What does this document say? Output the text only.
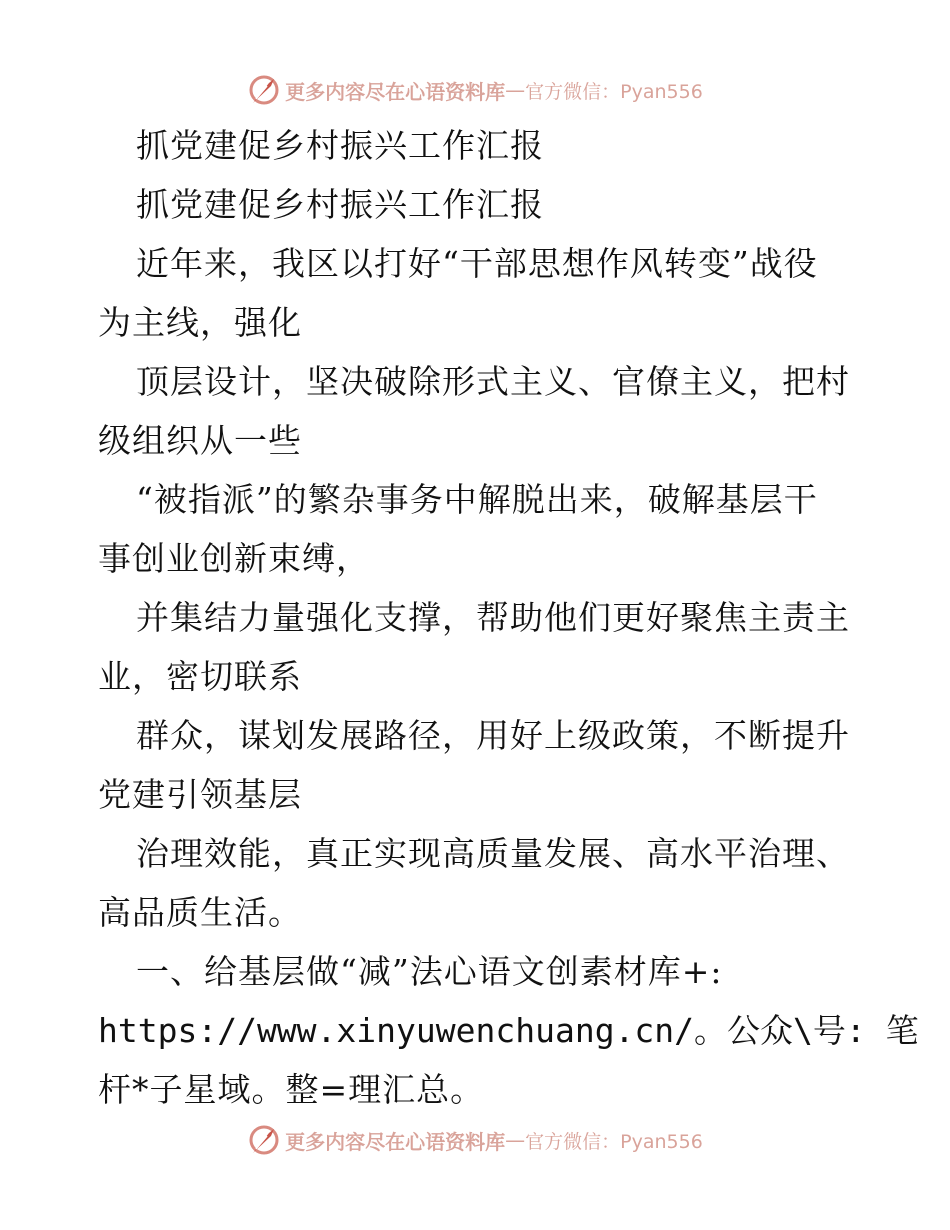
更多内容尽在心语资料库 — 官方微信：Pyan556
抓党建促乡村振兴工作汇报
抓党建促乡村振兴工作汇报
近年来，我区以打好“干部思想作风转变”战役
为主线，强化
顶层设计，坚决破除形式主义、官僚主义，把村
级组织从一些
“被指派”的繁杂事务中解脱出来，破解基层干
事创业创新束缚，
并集结力量强化支撑，帮助他们更好聚焦主责主
业，密切联系
群众，谋划发展路径，用好上级政策，不断提升
党建引领基层
治理效能，真正实现高质量发展、高水平治理、
高品质生活。
一、给基层做“减”法心语文创素材库+:
https://www.xinyuwenchuang.cn/。公众\号: 笔
杆*子星域。整=理汇总。
更多内容尽在心语资料库 — 官方微信：Pyan556
